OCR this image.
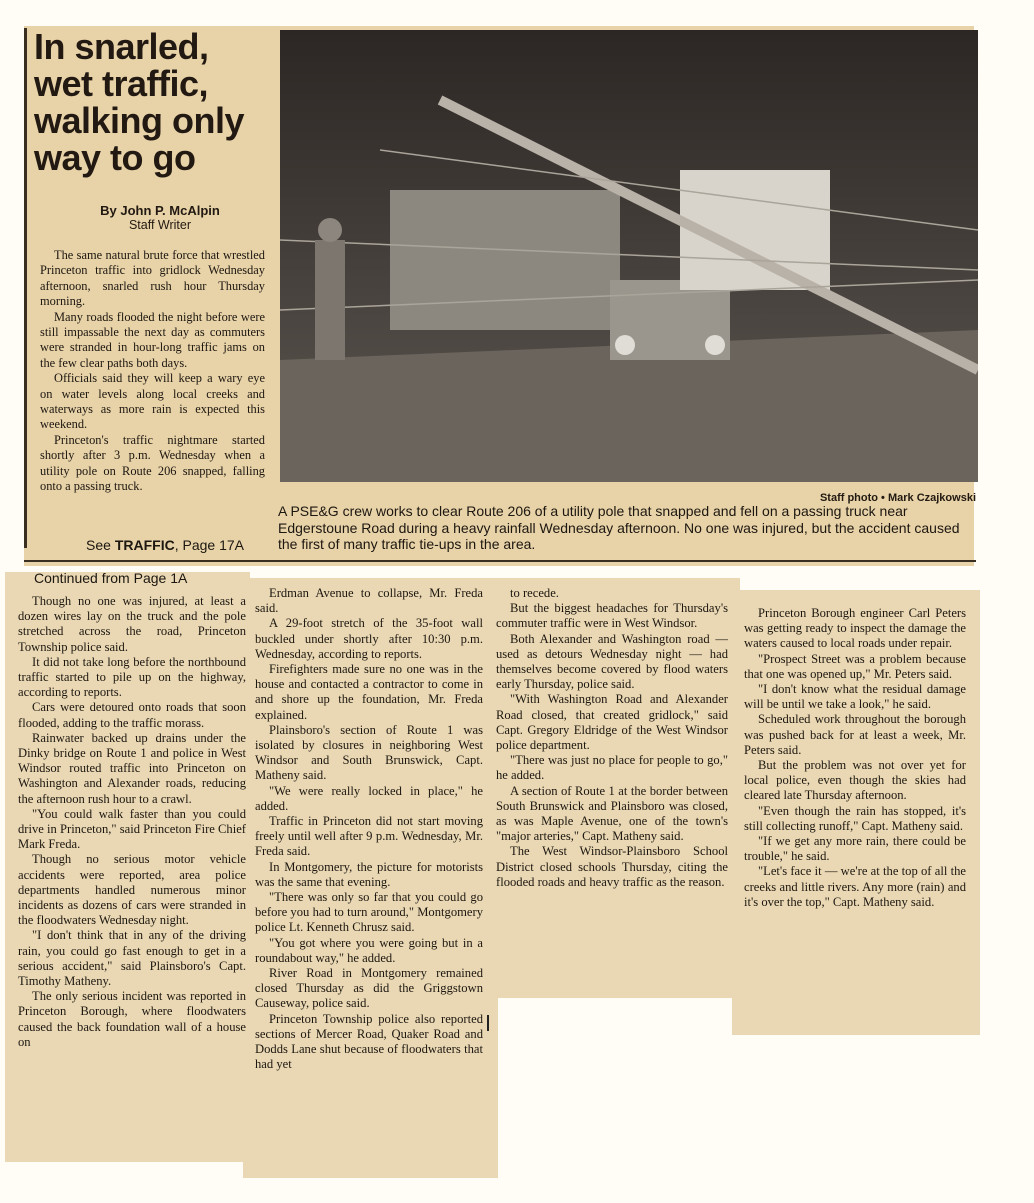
In snarled, wet traffic, walking only way to go
By John P. McAlpin
Staff Writer

The same natural brute force that wrestled Princeton traffic into gridlock Wednesday afternoon, snarled rush hour Thursday morning.

Many roads flooded the night before were still impassable the next day as commuters were stranded in hour-long traffic jams on the few clear paths both days.

Officials said they will keep a wary eye on water levels along local creeks and waterways as more rain is expected this weekend.

Princeton's traffic nightmare started shortly after 3 p.m. Wednesday when a utility pole on Route 206 snapped, falling onto a passing truck.

Staff photo • Mark Czajkowski
A PSE&G crew works to clear Route 206 of a utility pole that snapped and fell on a passing truck near Edgerstoune Road during a heavy rainfall Wednesday afternoon. No one was injured, but the accident caused the first of many traffic tie-ups in the area.
See TRAFFIC, Page 17A
Continued from Page 1A

Though no one was injured, at least a dozen wires lay on the truck and the pole stretched across the road, Princeton Township police said.

It did not take long before the northbound traffic started to pile up on the highway, according to reports.

Cars were detoured onto roads that soon flooded, adding to the traffic morass.

Rainwater backed up drains under the Dinky bridge on Route 1 and police in West Windsor routed traffic into Princeton on Washington and Alexander roads, reducing the afternoon rush hour to a crawl.

"You could walk faster than you could drive in Princeton," said Princeton Fire Chief Mark Freda.

Though no serious motor vehicle accidents were reported, area police departments handled numerous minor incidents as dozens of cars were stranded in the floodwaters Wednesday night.

"I don't think that in any of the driving rain, you could go fast enough to get in a serious accident," said Plainsboro's Capt. Timothy Matheny.

The only serious incident was reported in Princeton Borough, where floodwaters caused the back foundation wall of a house on

Erdman Avenue to collapse, Mr. Freda said.

A 29-foot stretch of the 35-foot wall buckled under shortly after 10:30 p.m. Wednesday, according to reports.

Firefighters made sure no one was in the house and contacted a contractor to come in and shore up the foundation, Mr. Freda explained.

Plainsboro's section of Route 1 was isolated by closures in neighboring West Windsor and South Brunswick, Capt. Matheny said.

"We were really locked in place," he added.

Traffic in Princeton did not start moving freely until well after 9 p.m. Wednesday, Mr. Freda said.

In Montgomery, the picture for motorists was the same that evening.

"There was only so far that you could go before you had to turn around," Montgomery police Lt. Kenneth Chrusz said.

"You got where you were going but in a roundabout way," he added.

River Road in Montgomery remained closed Thursday as did the Griggstown Causeway, police said.

Princeton Township police also reported sections of Mercer Road, Quaker Road and Dodds Lane shut because of floodwaters that had yet

to recede.

But the biggest headaches for Thursday's commuter traffic were in West Windsor.

Both Alexander and Washington road — used as detours Wednesday night — had themselves become covered by flood waters early Thursday, police said.

"With Washington Road and Alexander Road closed, that created gridlock," said Capt. Gregory Eldridge of the West Windsor police department.

"There was just no place for people to go," he added.

A section of Route 1 at the border between South Brunswick and Plainsboro was closed, as was Maple Avenue, one of the town's "major arteries," Capt. Matheny said.

The West Windsor-Plainsboro School District closed schools Thursday, citing the flooded roads and heavy traffic as the reason.

Princeton Borough engineer Carl Peters was getting ready to inspect the damage the waters caused to local roads under repair.

"Prospect Street was a problem because that one was opened up," Mr. Peters said.

"I don't know what the residual damage will be until we take a look," he said.

Scheduled work throughout the borough was pushed back for at least a week, Mr. Peters said.

But the problem was not over yet for local police, even though the skies had cleared late Thursday afternoon.

"Even though the rain has stopped, it's still collecting runoff," Capt. Matheny said.

"If we get any more rain, there could be trouble," he said.

"Let's face it — we're at the top of all the creeks and little rivers. Any more (rain) and it's over the top," Capt. Matheny said.
